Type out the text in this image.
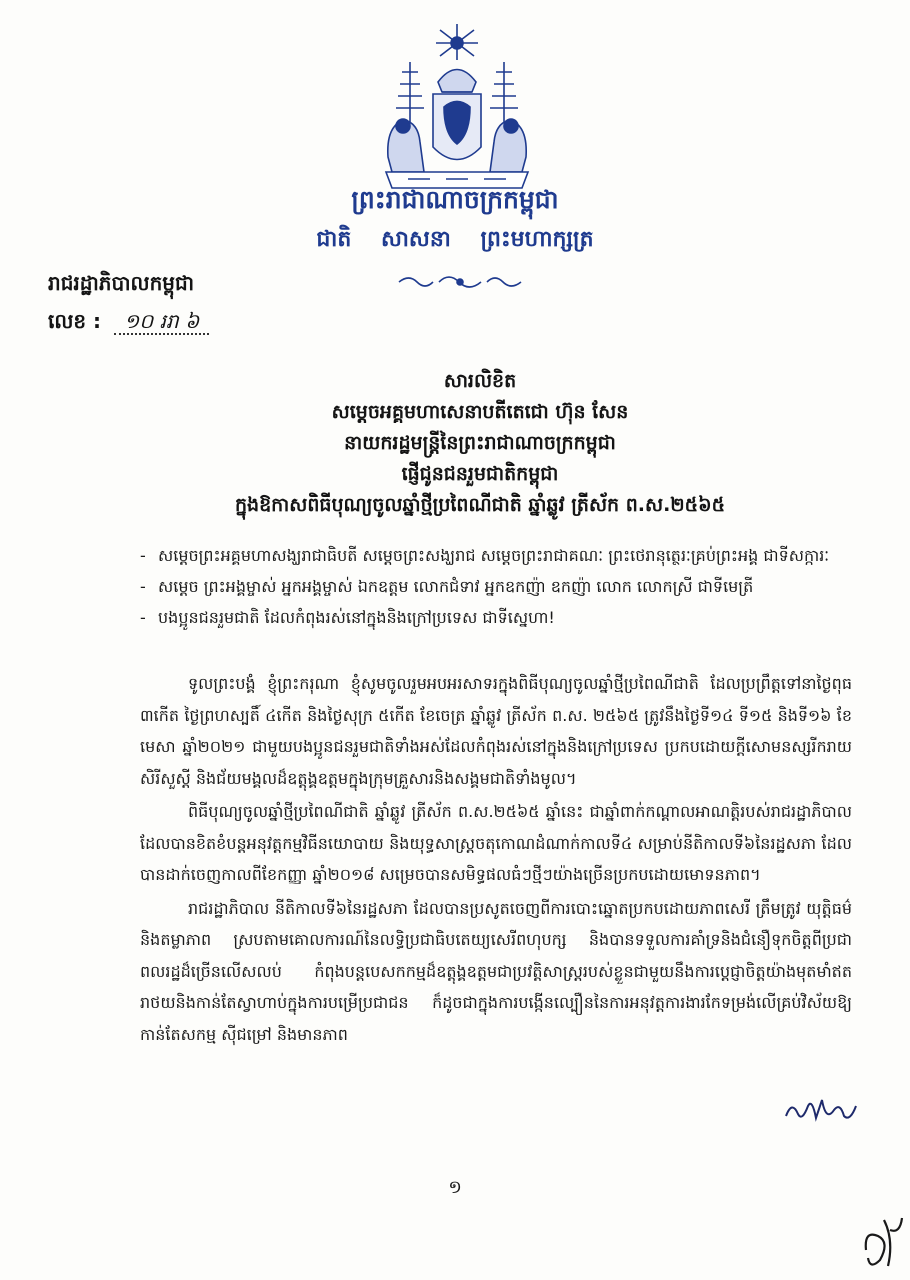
ព្រះរាជាណាចក្រកម្ពុជា
ជាតិ សាសនា ព្រះមហាក្សត្រ
រាជរដ្ឋាភិបាលកម្ពុជា
លេខ : ១០ ររា ៦
សារលិខិត
សម្តេចអគ្គមហាសេនាបតីតេជោ ហ៊ុន សែន
នាយករដ្ឋមន្ត្រីនៃព្រះរាជាណាចក្រកម្ពុជា
ផ្ញើជូនជនរួមជាតិកម្ពុជា
ក្នុងឱកាសពិធីបុណ្យចូលឆ្នាំថ្មីប្រពៃណីជាតិ ឆ្នាំឆ្លូវ ត្រីស័ក ព.ស.២៥៦៥
- សម្តេចព្រះអគ្គមហាសង្ឃរាជាធិបតី សម្តេចព្រះសង្ឃរាជ សម្តេចព្រះរាជាគណៈ ព្រះថេរានុត្ថេរៈគ្រប់ព្រះអង្គ ជាទីសក្ការៈ
- សម្តេច ព្រះអង្គម្ចាស់ អ្នកអង្គម្ចាស់ ឯកឧត្តម លោកជំទាវ អ្នកឧកញ៉ា ឧកញ៉ា លោក លោកស្រី ជាទីមេត្រី
- បងប្អូនជនរួមជាតិ ដែលកំពុងរស់នៅក្នុងនិងក្រៅប្រទេស ជាទីស្នេហា!

ទូលព្រះបង្គំ ខ្ញុំព្រះករុណា ខ្ញុំសូមចូលរួមអបអរសាទរក្នុងពិធីបុណ្យចូលឆ្នាំថ្មីប្រពៃណីជាតិ ដែលប្រព្រឹត្តទៅនាថ្ងៃពុធ ៣កើត ថ្ងៃព្រហស្បតិ៍ ៤កើត និងថ្ងៃសុក្រ ៥កើត ខែចេត្រ ឆ្នាំឆ្លូវ ត្រីស័ក ព.ស. ២៥៦៥ ត្រូវនឹងថ្ងៃទី១៤ ទី១៥ និងទី១៦ ខែមេសា ឆ្នាំ២០២១ ជាមួយបងប្អូនជនរួមជាតិទាំងអស់ដែលកំពុងរស់នៅក្នុងនិងក្រៅប្រទេស ប្រកបដោយក្តីសោមនស្សរីករាយ សិរីសួស្តី និងជ័យមង្គលដ៏ឧត្តុង្គឧត្តមក្នុងក្រុមគ្រួសារនិងសង្គមជាតិទាំងមូល។

ពិធីបុណ្យចូលឆ្នាំថ្មីប្រពៃណីជាតិ ឆ្នាំឆ្លូវ ត្រីស័ក ព.ស.២៥៦៥ ឆ្នាំនេះ ជាឆ្នាំពាក់កណ្តាលអាណត្តិរបស់រាជរដ្ឋាភិបាលដែលបានខិតខំបន្តអនុវត្តកម្មវិធីនយោបាយ និងយុទ្ធសាស្ត្រចតុកោណដំណាក់កាលទី៤ សម្រាប់នីតិកាលទី៦នៃរដ្ឋសភា ដែលបានដាក់ចេញកាលពីខែកញ្ញា ឆ្នាំ២០១៨ សម្រេចបានសមិទ្ធផលធំៗថ្មីៗយ៉ាងច្រើនប្រកបដោយមោទនភាព។

រាជរដ្ឋាភិបាល នីតិកាលទី៦នៃរដ្ឋសភា ដែលបានប្រសូតចេញពីការបោះឆ្នោតប្រកបដោយភាពសេរី ត្រឹមត្រូវ យុត្តិធម៌ និងតម្លាភាព ស្របតាមគោលការណ៍នៃលទ្ធិប្រជាធិបតេយ្យសេរីពហុបក្ស និងបានទទួលការគាំទ្រនិងជំនឿទុកចិត្តពីប្រជាពលរដ្ឋដ៏ច្រើនលើសលប់ កំពុងបន្តបេសកកម្មដ៏ឧត្តុង្គឧត្តមជាប្រវត្តិសាស្ត្ររបស់ខ្លួនជាមួយនឹងការប្តេជ្ញាចិត្តយ៉ាងមុតមាំឥតរាថយនិងកាន់តែស្វាហាប់ក្នុងការបម្រើប្រជាជន ក៏ដូចជាក្នុងការបង្កើនល្បឿននៃការអនុវត្តការងារកែទម្រង់លើគ្រប់វិស័យឱ្យកាន់តែសកម្ម ស៊ីជម្រៅ និងមានភាព

១
